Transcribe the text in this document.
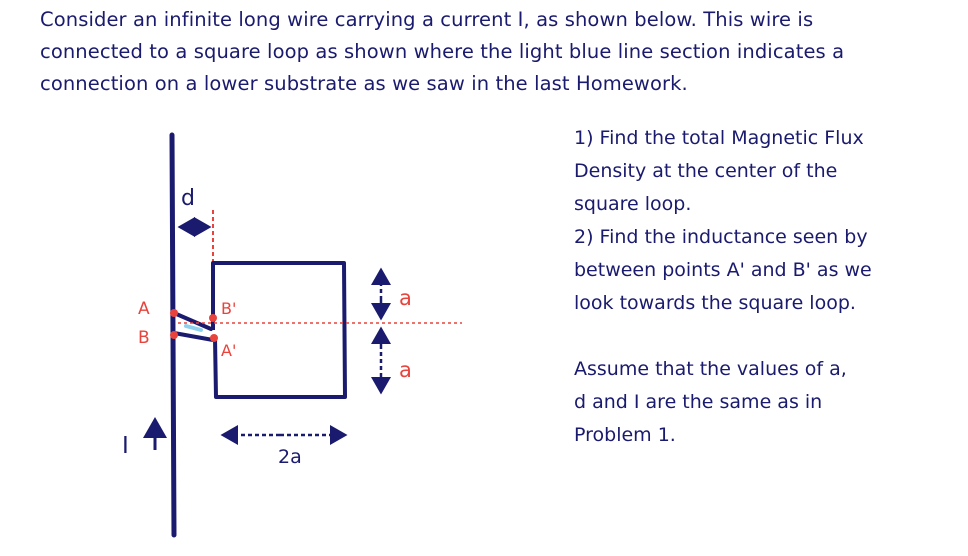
Consider an infinite long wire carrying a current I, as shown below. This wire is
connected to a square loop as shown where the light blue line section indicates a
connection on a lower substrate as we saw in the last Homework.
1) Find the total Magnetic Flux
Density at the center of the
square loop.
2) Find the inductance seen by
between points A' and B' as we
look towards the square loop.
Assume that the values of a,
d and I are the same as in
Problem 1.
d
A
B
B'
A'
a
a
2a
I
